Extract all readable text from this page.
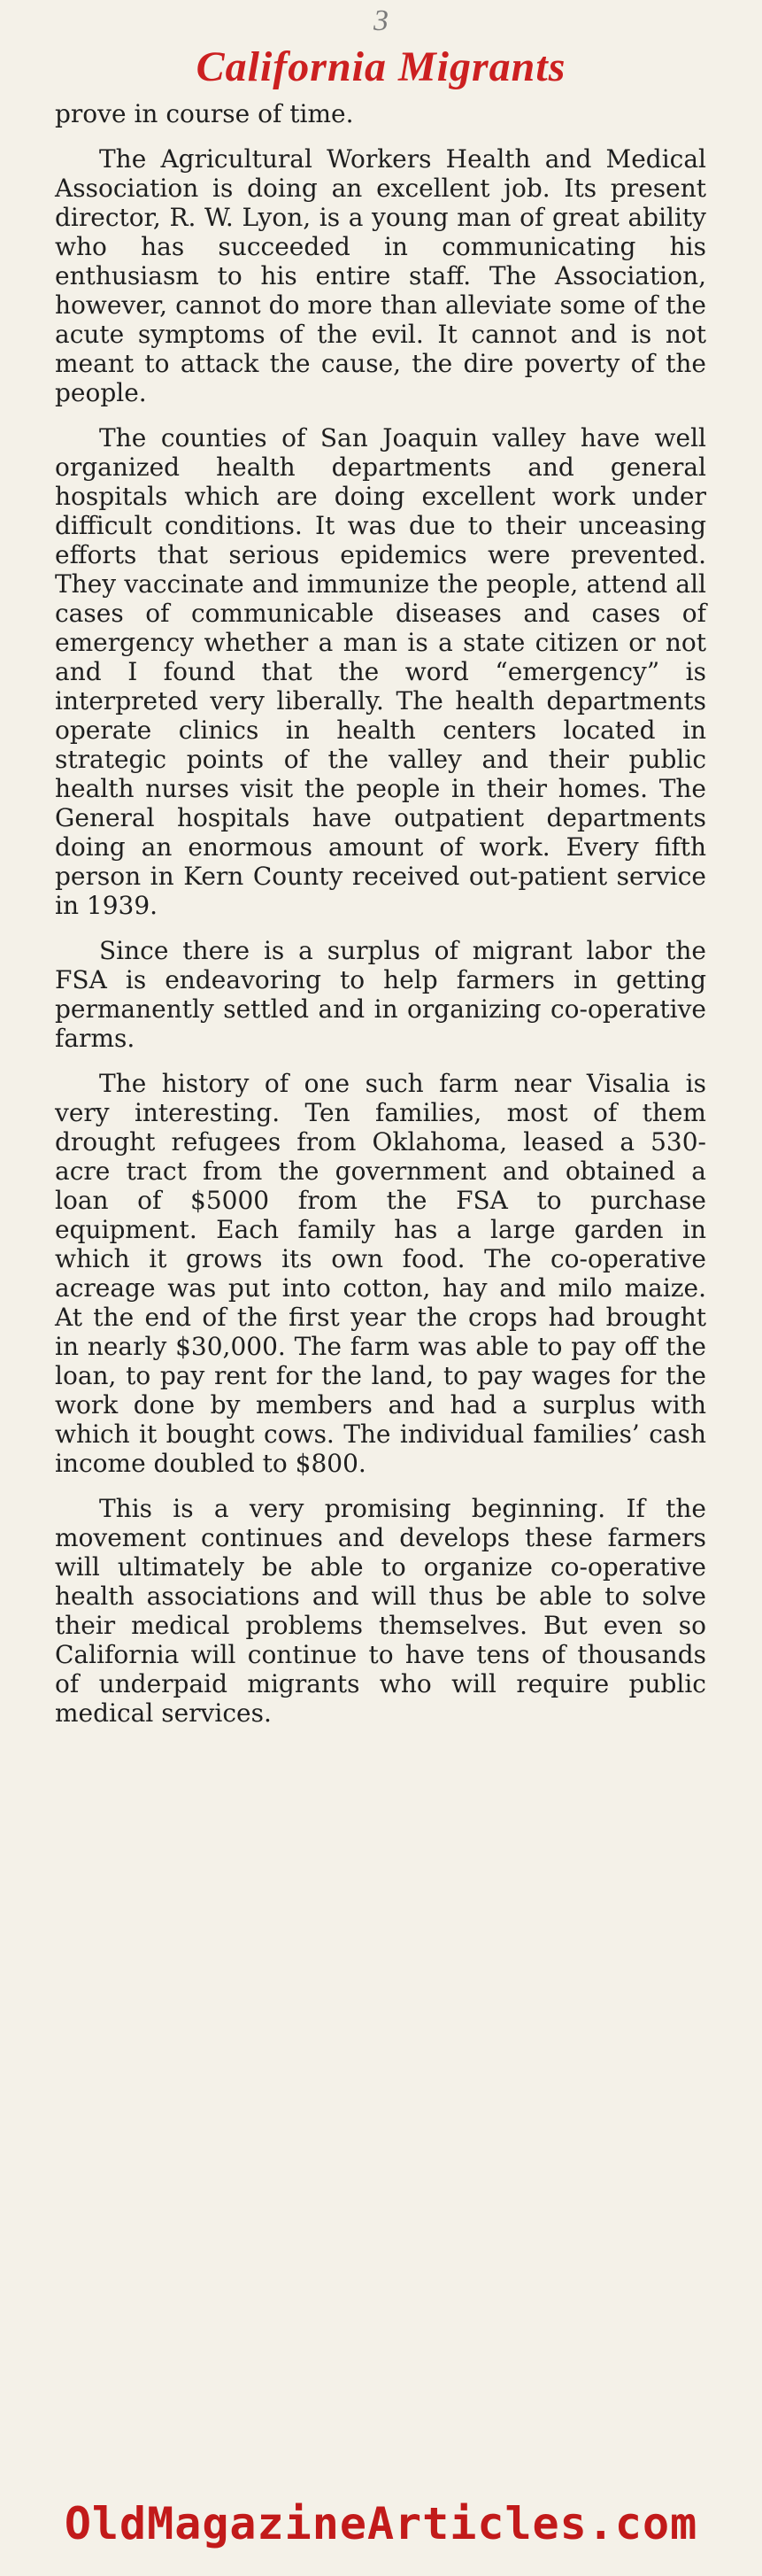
3
California Migrants

prove in course of time.

The Agricultural Workers Health and Medical Association is doing an excellent job. Its present director, R. W. Lyon, is a young man of great ability who has succeeded in communicating his enthusiasm to his entire staff. The Association, however, cannot do more than alleviate some of the acute symptoms of the evil. It cannot and is not meant to attack the cause, the dire poverty of the people.

The counties of San Joaquin valley have well organized health departments and general hospitals which are doing excellent work under difficult conditions. It was due to their unceasing efforts that serious epidemics were prevented. They vaccinate and immunize the people, attend all cases of communicable diseases and cases of emergency whether a man is a state citizen or not and I found that the word “emergency” is interpreted very liberally. The health departments operate clinics in health centers located in strategic points of the valley and their public health nurses visit the people in their homes. The General hospitals have outpatient departments doing an enormous amount of work. Every fifth person in Kern County received out-patient service in 1939.

Since there is a surplus of migrant labor the FSA is endeavoring to help farmers in getting permanently settled and in organizing co-operative farms.

The history of one such farm near Visalia is very interesting. Ten families, most of them drought refugees from Oklahoma, leased a 530-acre tract from the government and obtained a loan of $5000 from the FSA to purchase equipment. Each family has a large garden in which it grows its own food. The co-operative acreage was put into cotton, hay and milo maize. At the end of the first year the crops had brought in nearly $30,000. The farm was able to pay off the loan, to pay rent for the land, to pay wages for the work done by members and had a surplus with which it bought cows. The individual families’ cash income doubled to $800.

This is a very promising beginning. If the movement continues and develops these farmers will ultimately be able to organize co-operative health associations and will thus be able to solve their medical problems themselves. But even so California will continue to have tens of thousands of underpaid migrants who will require public medical services.

OldMagazineArticles.com
